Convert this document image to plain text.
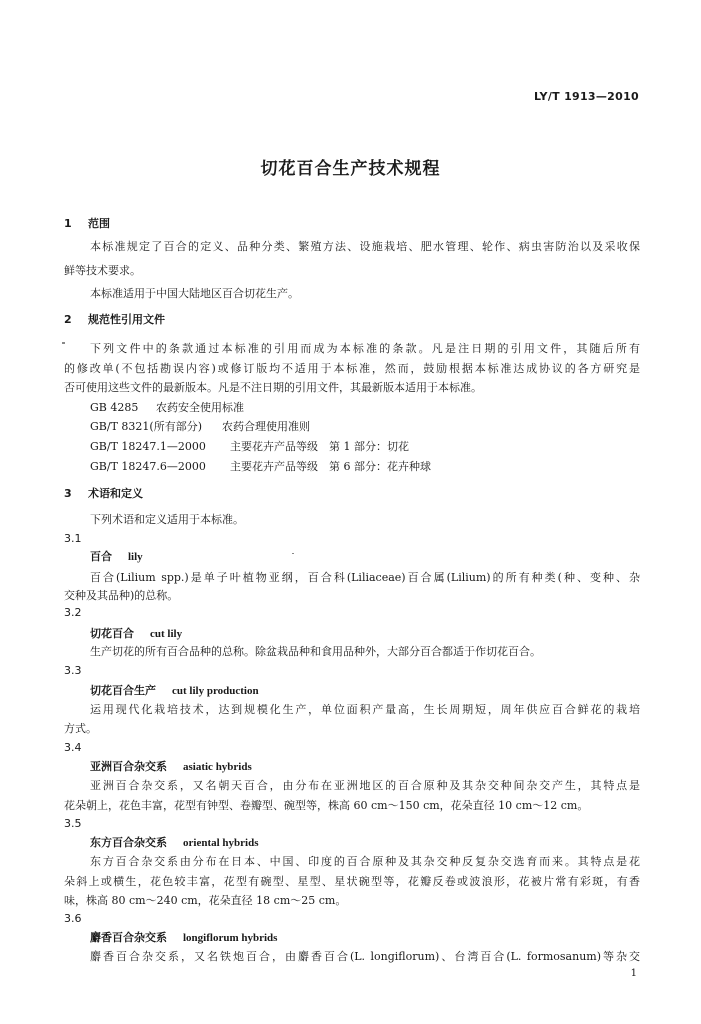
LY/T 1913—2010
切花百合生产技术规程
1 范围
本标准规定了百合的定义、品种分类、繁殖方法、设施栽培、肥水管理、轮作、病虫害防治以及采收保
鲜等技术要求。
本标准适用于中国大陆地区百合切花生产。
2 规范性引用文件
下列文件中的条款通过本标准的引用而成为本标准的条款。凡是注日期的引用文件，其随后所有
的修改单(不包括勘误内容)或修订版均不适用于本标准，然而，鼓励根据本标准达成协议的各方研究是
否可使用这些文件的最新版本。凡是不注日期的引用文件，其最新版本适用于本标准。
GB 4285 农药安全使用标准
GB/T 8321(所有部分) 农药合理使用准则
GB/T 18247.1—2000 主要花卉产品等级　第 1 部分：切花
GB/T 18247.6—2000 主要花卉产品等级　第 6 部分：花卉种球
3 术语和定义
下列术语和定义适用于本标准。
3.1
百合 lily
百合(Lilium spp.)是单子叶植物亚纲，百合科(Liliaceae)百合属(Lilium)的所有种类(种、变种、杂
交种及其品种)的总称。
3.2
切花百合 cut lily
生产切花的所有百合品种的总称。除盆栽品种和食用品种外，大部分百合都适于作切花百合。
3.3
切花百合生产 cut lily production
运用现代化栽培技术，达到规模化生产，单位面积产量高，生长周期短，周年供应百合鲜花的栽培
方式。
3.4
亚洲百合杂交系 asiatic hybrids
亚洲百合杂交系，又名朝天百合，由分布在亚洲地区的百合原种及其杂交种间杂交产生，其特点是
花朵朝上，花色丰富，花型有钟型、卷瓣型、碗型等，株高 60 cm～150 cm，花朵直径 10 cm～12 cm。
3.5
东方百合杂交系 oriental hybrids
东方百合杂交系由分布在日本、中国、印度的百合原种及其杂交种反复杂交选育而来。其特点是花
朵斜上或横生，花色较丰富，花型有碗型、星型、星状碗型等，花瓣反卷或波浪形，花被片常有彩斑，有香
味，株高 80 cm～240 cm，花朵直径 18 cm～25 cm。
3.6
麝香百合杂交系 longiflorum hybrids
麝香百合杂交系，又名铁炮百合，由麝香百合(L. longiflorum)、台湾百合(L. formosanum)等杂交
1
